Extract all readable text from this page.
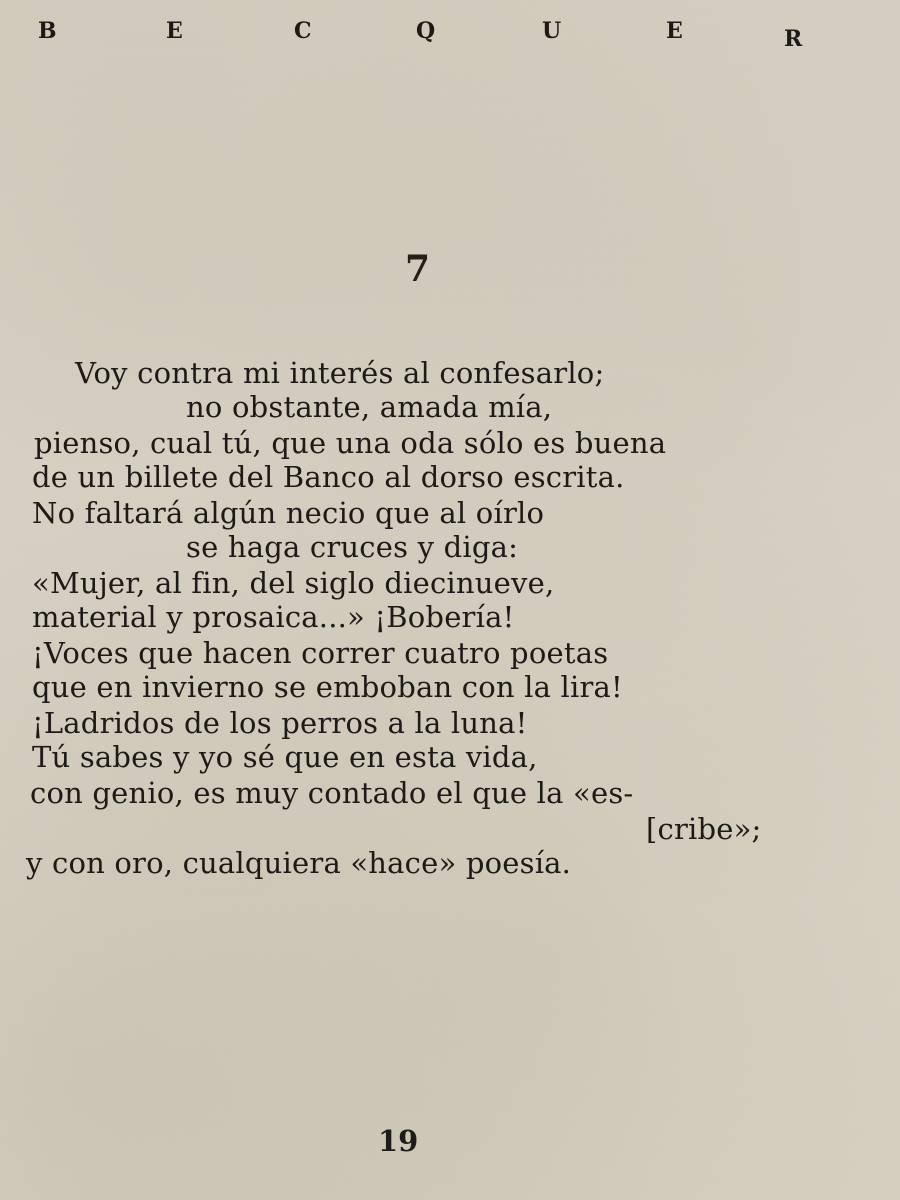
B	E	C	Q	U	E	R
7
Voy contra mi interés al confesarlo;
no obstante, amada mía,
pienso, cual tú, que una oda sólo es buena
de un billete del Banco al dorso escrita.
No faltará algún necio que al oírlo
se haga cruces y diga:
«Mujer, al fin, del siglo diecinueve,
material y prosaica...» ¡Bobería!
¡Voces que hacen correr cuatro poetas
que en invierno se emboban con la lira!
¡Ladridos de los perros a la luna!
Tú sabes y yo sé que en esta vida,
con genio, es muy contado el que la «es-
[cribe»;
y con oro, cualquiera «hace» poesía.
19
